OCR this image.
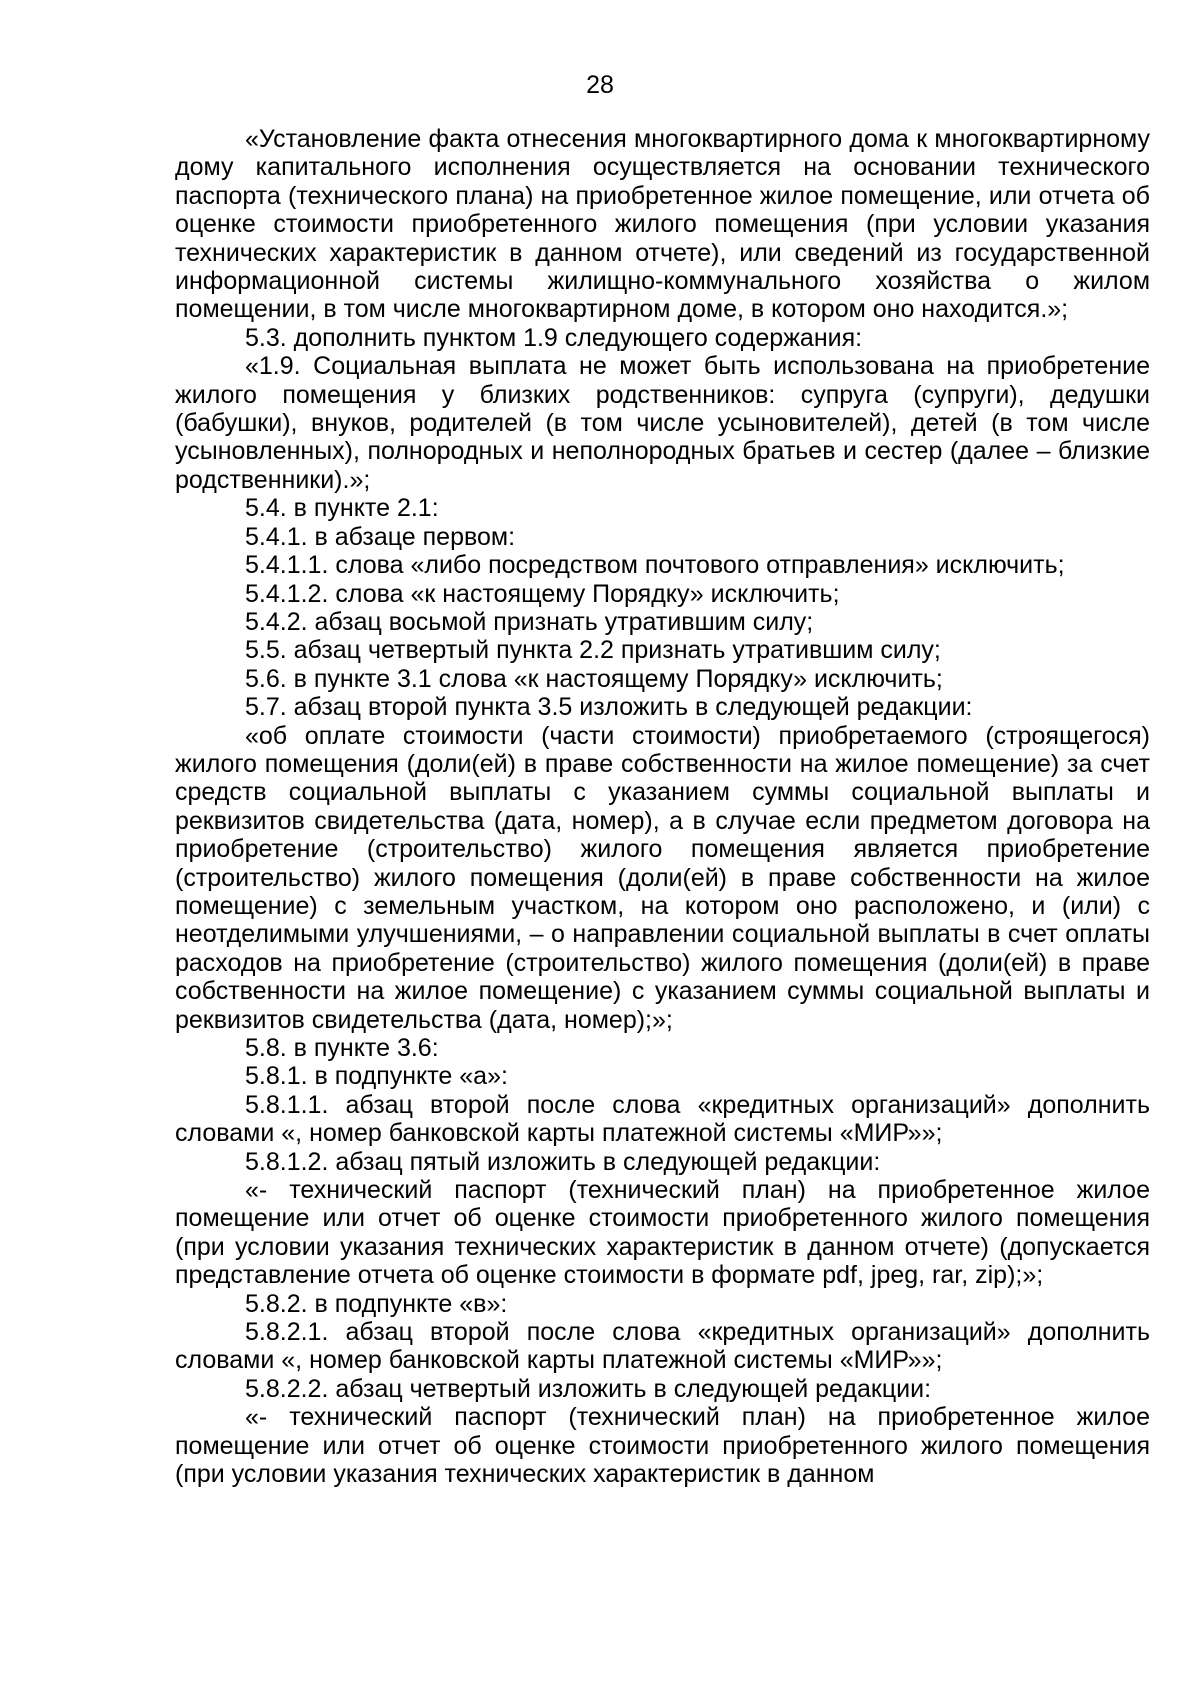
28

«Установление факта отнесения многоквартирного дома к многоквартирному дому капитального исполнения осуществляется на основании технического паспорта (технического плана) на приобретенное жилое помещение, или отчета об оценке стоимости приобретенного жилого помещения (при условии указания технических характеристик в данном отчете), или сведений из государственной информационной системы жилищно-коммунального хозяйства о жилом помещении, в том числе многоквартирном доме, в котором оно находится.»;

5.3. дополнить пунктом 1.9 следующего содержания:

«1.9. Социальная выплата не может быть использована на приобретение жилого помещения у близких родственников: супруга (супруги), дедушки (бабушки), внуков, родителей (в том числе усыновителей), детей (в том числе усыновленных), полнородных и неполнородных братьев и сестер (далее – близкие родственники).»;

5.4. в пункте 2.1:

5.4.1. в абзаце первом:

5.4.1.1. слова «либо посредством почтового отправления» исключить;

5.4.1.2. слова «к настоящему Порядку» исключить;

5.4.2. абзац восьмой признать утратившим силу;

5.5. абзац четвертый пункта 2.2 признать утратившим силу;

5.6. в пункте 3.1 слова «к настоящему Порядку» исключить;

5.7. абзац второй пункта 3.5 изложить в следующей редакции:

«об оплате стоимости (части стоимости) приобретаемого (строящегося) жилого помещения (доли(ей) в праве собственности на жилое помещение) за счет средств социальной выплаты с указанием суммы социальной выплаты и реквизитов свидетельства (дата, номер), а в случае если предметом договора на приобретение (строительство) жилого помещения является приобретение (строительство) жилого помещения (доли(ей) в праве собственности на жилое помещение) с земельным участком, на котором оно расположено, и (или) с неотделимыми улучшениями, – о направлении социальной выплаты в счет оплаты расходов на приобретение (строительство) жилого помещения (доли(ей) в праве собственности на жилое помещение) с указанием суммы социальной выплаты и реквизитов свидетельства (дата, номер);»;

5.8. в пункте 3.6:

5.8.1. в подпункте «а»:

5.8.1.1. абзац второй после слова «кредитных организаций» дополнить словами «, номер банковской карты платежной системы «МИР»»;

5.8.1.2. абзац пятый изложить в следующей редакции:

«- технический паспорт (технический план) на приобретенное жилое помещение или отчет об оценке стоимости приобретенного жилого помещения (при условии указания технических характеристик в данном отчете) (допускается представление отчета об оценке стоимости в формате pdf, jpeg, rar, zip);»;

5.8.2. в подпункте «в»:

5.8.2.1. абзац второй после слова «кредитных организаций» дополнить словами «, номер банковской карты платежной системы «МИР»»;

5.8.2.2. абзац четвертый изложить в следующей редакции:

«- технический паспорт (технический план) на приобретенное жилое помещение или отчет об оценке стоимости приобретенного жилого помещения (при условии указания технических характеристик в данном
